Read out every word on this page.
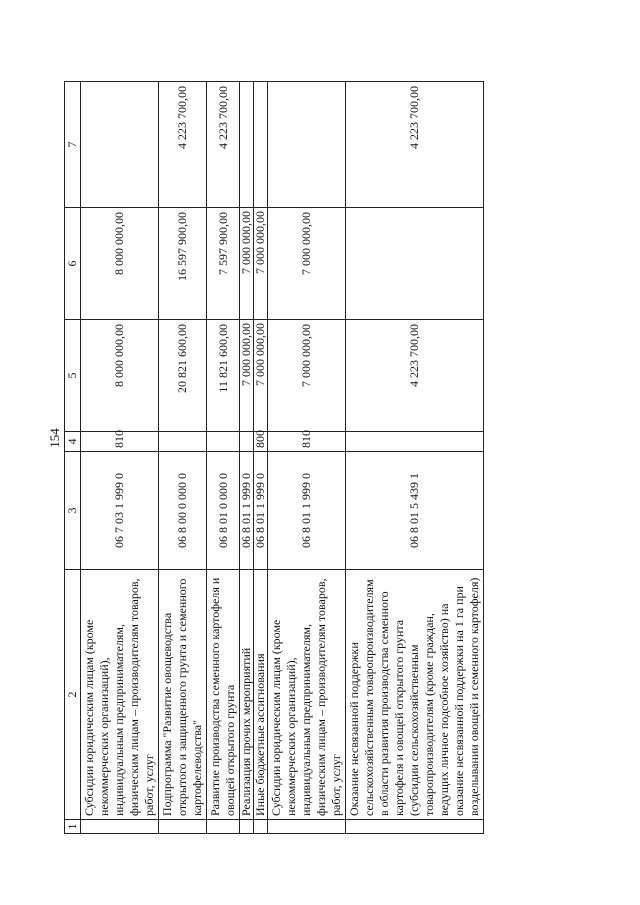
154
1	2	3	4	5	6	7
	Субсидии юридическим лицам (кроме некоммерческих организаций), индивидуальным предпринимателям, физическим лицам – производителям товаров, работ, услуг	06 7 03 1 999 0	810	8 000 000,00	8 000 000,00	
	Подпрограмма "Развитие овощеводства открытого и защищенного грунта и семенного картофелеводства"	06 8 00 0 000 0		20 821 600,00	16 597 900,00	4 223 700,00
	Развитие производства семенного картофеля и овощей открытого грунта	06 8 01 0 000 0		11 821 600,00	7 597 900,00	4 223 700,00
	Реализация прочих мероприятий	06 8 01 1 999 0		7 000 000,00	7 000 000,00	
	Иные бюджетные ассигнования	06 8 01 1 999 0	800	7 000 000,00	7 000 000,00	
	Субсидии юридическим лицам (кроме некоммерческих организаций), индивидуальным предпринимателям, физическим лицам – производителям товаров, работ, услуг	06 8 01 1 999 0	810	7 000 000,00	7 000 000,00	
	Оказание несвязанной поддержки сельскохозяйственным товаропроизводителям в области развития производства семенного картофеля и овощей открытого грунта (субсидии сельскохозяйственным товаропроизводителям (кроме граждан, ведущих личное подсобное хозяйство) на оказание несвязанной поддержки на 1 га при возделывании овощей и семенного картофеля)	06 8 01 5 439 1		4 223 700,00		4 223 700,00
